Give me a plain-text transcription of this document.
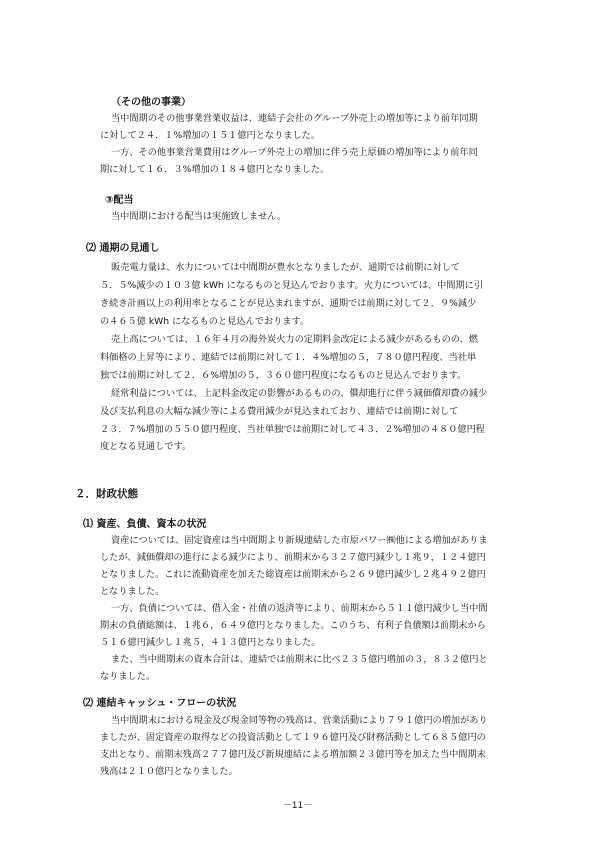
（その他の事業）
当中間期のその他事業営業収益は、連結子会社のグループ外売上の増加等により前年同期
に対して２４．１%増加の１５１億円となりました。
一方、その他事業営業費用はグループ外売上の増加に伴う売上原価の増加等により前年同
期に対して１６．３%増加の１８４億円となりました。
③配当
当中間期における配当は実施致しません。
⑵ 通期の見通し
販売電力量は、水力については中間期が豊水となりましたが、通期では前期に対して
５．５%減少の１０３億 kWh になるものと見込んでおります。火力については、中間期に引
き続き計画以上の利用率となることが見込まれますが、通期では前期に対して２．９%減少
の４６５億 kWh になるものと見込んでおります。
売上高については、１６年４月の海外炭火力の定期料金改定による減少があるものの、燃
料価格の上昇等により、連結では前期に対して１．４%増加の５，７８０億円程度、当社単
独では前期に対して２．６%増加の５，３６０億円程度になるものと見込んでおります。
経常利益については、上記料金改定の影響があるものの、償却進行に伴う減価償却費の減少
及び支払利息の大幅な減少等による費用減少が見込まれており、連結では前期に対して
２３．７%増加の５５０億円程度、当社単独では前期に対して４３．２%増加の４８０億円程
度となる見通しです。
２．財政状態
⑴ 資産、負債、資本の状況
資産については、固定資産は当中間期より新規連結した市原パワー㈱他による増加がありま
したが、減価償却の進行による減少により、前期末から３２７億円減少し１兆９，１２４億円
となりました。これに流動資産を加えた総資産は前期末から２６９億円減少し２兆４９２億円
となりました。
一方、負債については、借入金・社債の返済等により、前期末から５１１億円減少し当中間
期末の負債総額は、１兆６，６４９億円となりました。このうち、有利子負債額は前期末から
５１６億円減少し１兆５，４１３億円となりました。
また、当中間期末の資本合計は、連結では前期末に比べ２３５億円増加の３，８３２億円と
なりました。
⑵ 連結キャッシュ・フローの状況
当中間期末における現金及び現金同等物の残高は、営業活動により７９１億円の増加があり
ましたが、固定資産の取得などの投資活動として１９６億円及び財務活動として６８５億円の
支出となり、前期末残高２７７億円及び新規連結による増加額２３億円等を加えた当中間期末
残高は２１０億円となりました。
－11－
